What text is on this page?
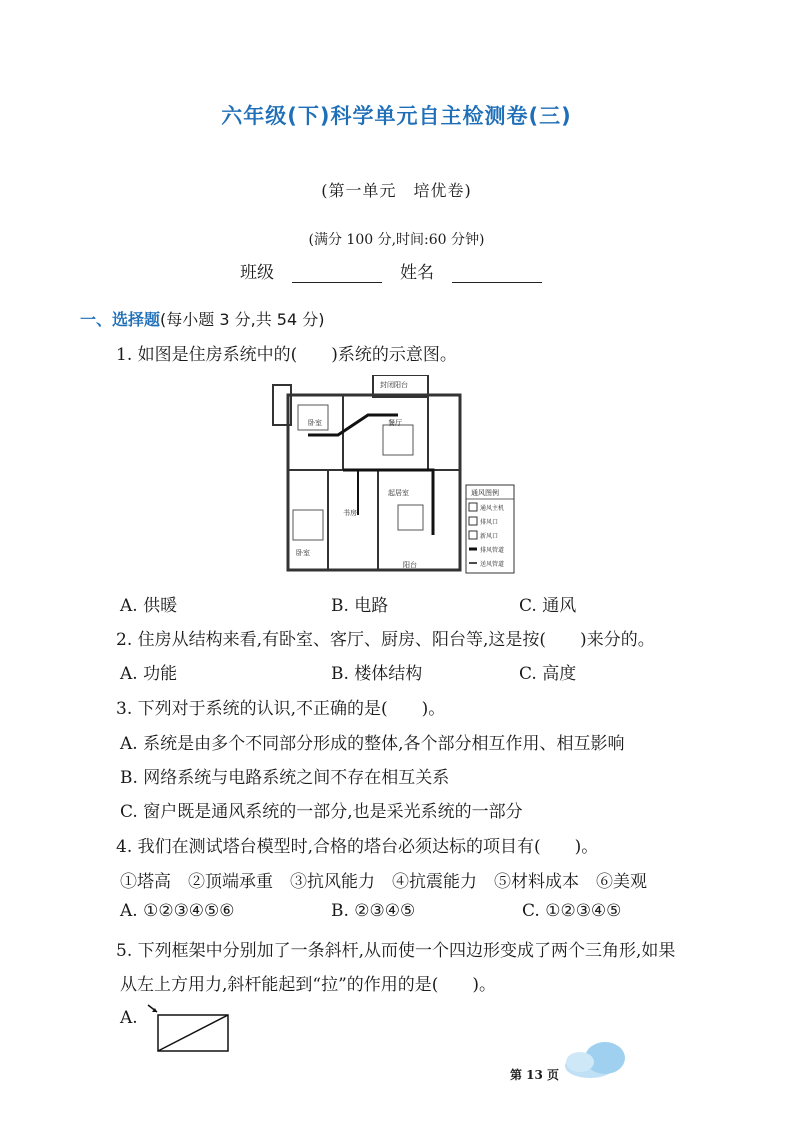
六年级(下)科学单元自主检测卷(三)
(第一单元　培优卷)
(满分 100 分,时间:60 分钟)
班级	姓名
一、选择题(每小题 3 分,共 54 分)
1. 如图是住房系统中的(　　)系统的示意图。
卧室	餐厅
卧室
书房
起居室
阳台
封闭阳台
通风图例
通风主机
排风口
新风口
排风管道
送风管道
A. 供暖	B. 电路	C. 通风
2. 住房从结构来看,有卧室、客厅、厨房、阳台等,这是按(　　)来分的。
A. 功能	B. 楼体结构	C. 高度
3. 下列对于系统的认识,不正确的是(　　)。
A. 系统是由多个不同部分形成的整体,各个部分相互作用、相互影响
B. 网络系统与电路系统之间不存在相互关系
C. 窗户既是通风系统的一部分,也是采光系统的一部分
4. 我们在测试塔台模型时,合格的塔台必须达标的项目有(　　)。
①塔高　②顶端承重　③抗风能力　④抗震能力　⑤材料成本　⑥美观
A. ①②③④⑤⑥	B. ②③④⑤	C. ①②③④⑤
5. 下列框架中分别加了一条斜杆,从而使一个四边形变成了两个三角形,如果
从左上方用力,斜杆能起到“拉”的作用的是(　　)。
A.
第 13 页
